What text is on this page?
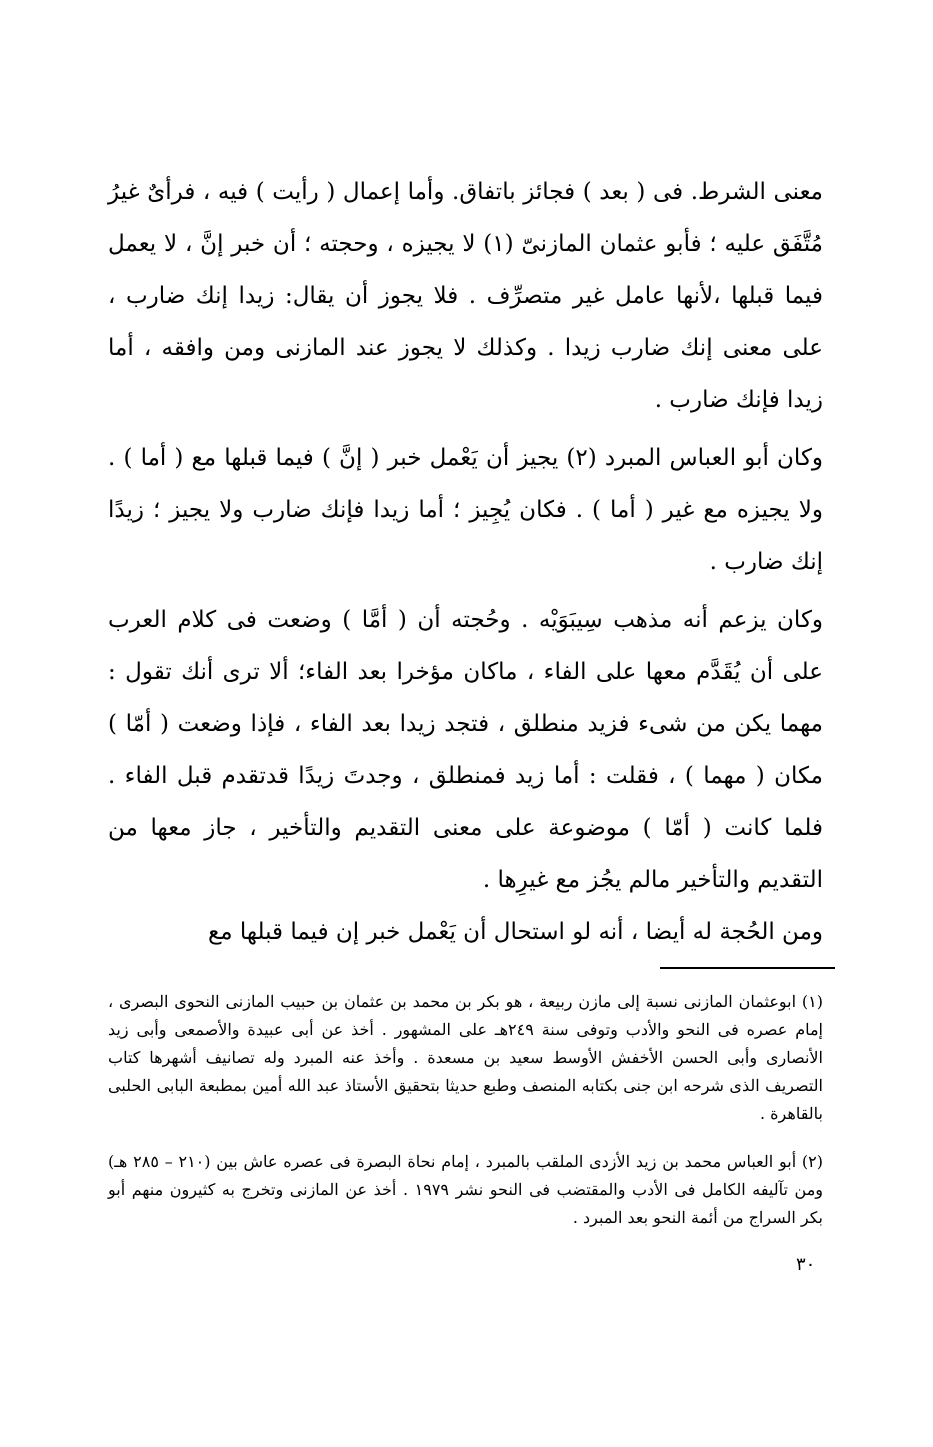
معنى الشرط. فى ( بعد ) فجائز باتفاق. وأما إعمال ( رأيت ) فيه ، فرأىٌ غيرُ مُتَّفَق عليه ؛ فأبو عثمان المازنىّ (١) لا يجيزه ، وحجته ؛ أن خبر إنَّ ، لا يعمل فيما قبلها ،لأنها عامل غير متصرِّف . فلا يجوز أن يقال: زيدا إنك ضارب ، على معنى إنك ضارب زيدا . وكذلك لا يجوز عند المازنى ومن وافقه ، أما زيدا فإنك ضارب .

وكان أبو العباس المبرد (٢) يجيز أن يَعْمل خبر ( إنَّ ) فيما قبلها مع ( أما ) . ولا يجيزه مع غير ( أما ) . فكان يُجِيز ؛ أما زيدا فإنك ضارب ولا يجيز ؛ زيدًا إنك ضارب .

وكان يزعم أنه مذهب سِيبَوَيْه . وحُجته أن ( أمَّا ) وضعت فى كلام العرب على أن يُقَدَّم معها على الفاء ، ماكان مؤخرا بعد الفاء؛ ألا ترى أنك تقول : مهما يكن من شىء فزيد منطلق ، فتجد زيدا بعد الفاء ، فإذا وضعت ( أمّا ) مكان ( مهما ) ، فقلت : أما زيد فمنطلق ، وجدتَ زيدًا قدتقدم قبل الفاء . فلما كانت ( أمّا ) موضوعة على معنى التقديم والتأخير ، جاز معها من التقديم والتأخير مالم يجُز مع غيرِها .

ومن الحُجة له أيضا ، أنه لو استحال أن يَعْمل خبر إن فيما قبلها مع

(١) ابوعثمان المازنى نسبة إلى مازن ربيعة ، هو بكر بن محمد بن عثمان بن حبيب المازنى النحوى البصرى ، إمام عصره فى النحو والأدب وتوفى سنة ٢٤٩هـ على المشهور . أخذ عن أبى عبيدة والأصمعى وأبى زيد الأنصارى وأبى الحسن الأخفش الأوسط سعيد بن مسعدة . وأخذ عنه المبرد وله تصانيف أشهرها كتاب التصريف الذى شرحه ابن جنى بكتابه المنصف وطبع حديثا بتحقيق الأستاذ عبد الله أمين بمطبعة البابى الحلبى بالقاهرة .

(٢) أبو العباس محمد بن زيد الأزدى الملقب بالمبرد ، إمام نحاة البصرة فى عصره عاش بين (٢١٠ – ٢٨٥ هـ) ومن تآليفه الكامل فى الأدب والمقتضب فى النحو نشر ١٩٧٩ . أخذ عن المازنى وتخرج به كثيرون منهم أبو بكر السراج من أئمة النحو بعد المبرد .

٣٠
